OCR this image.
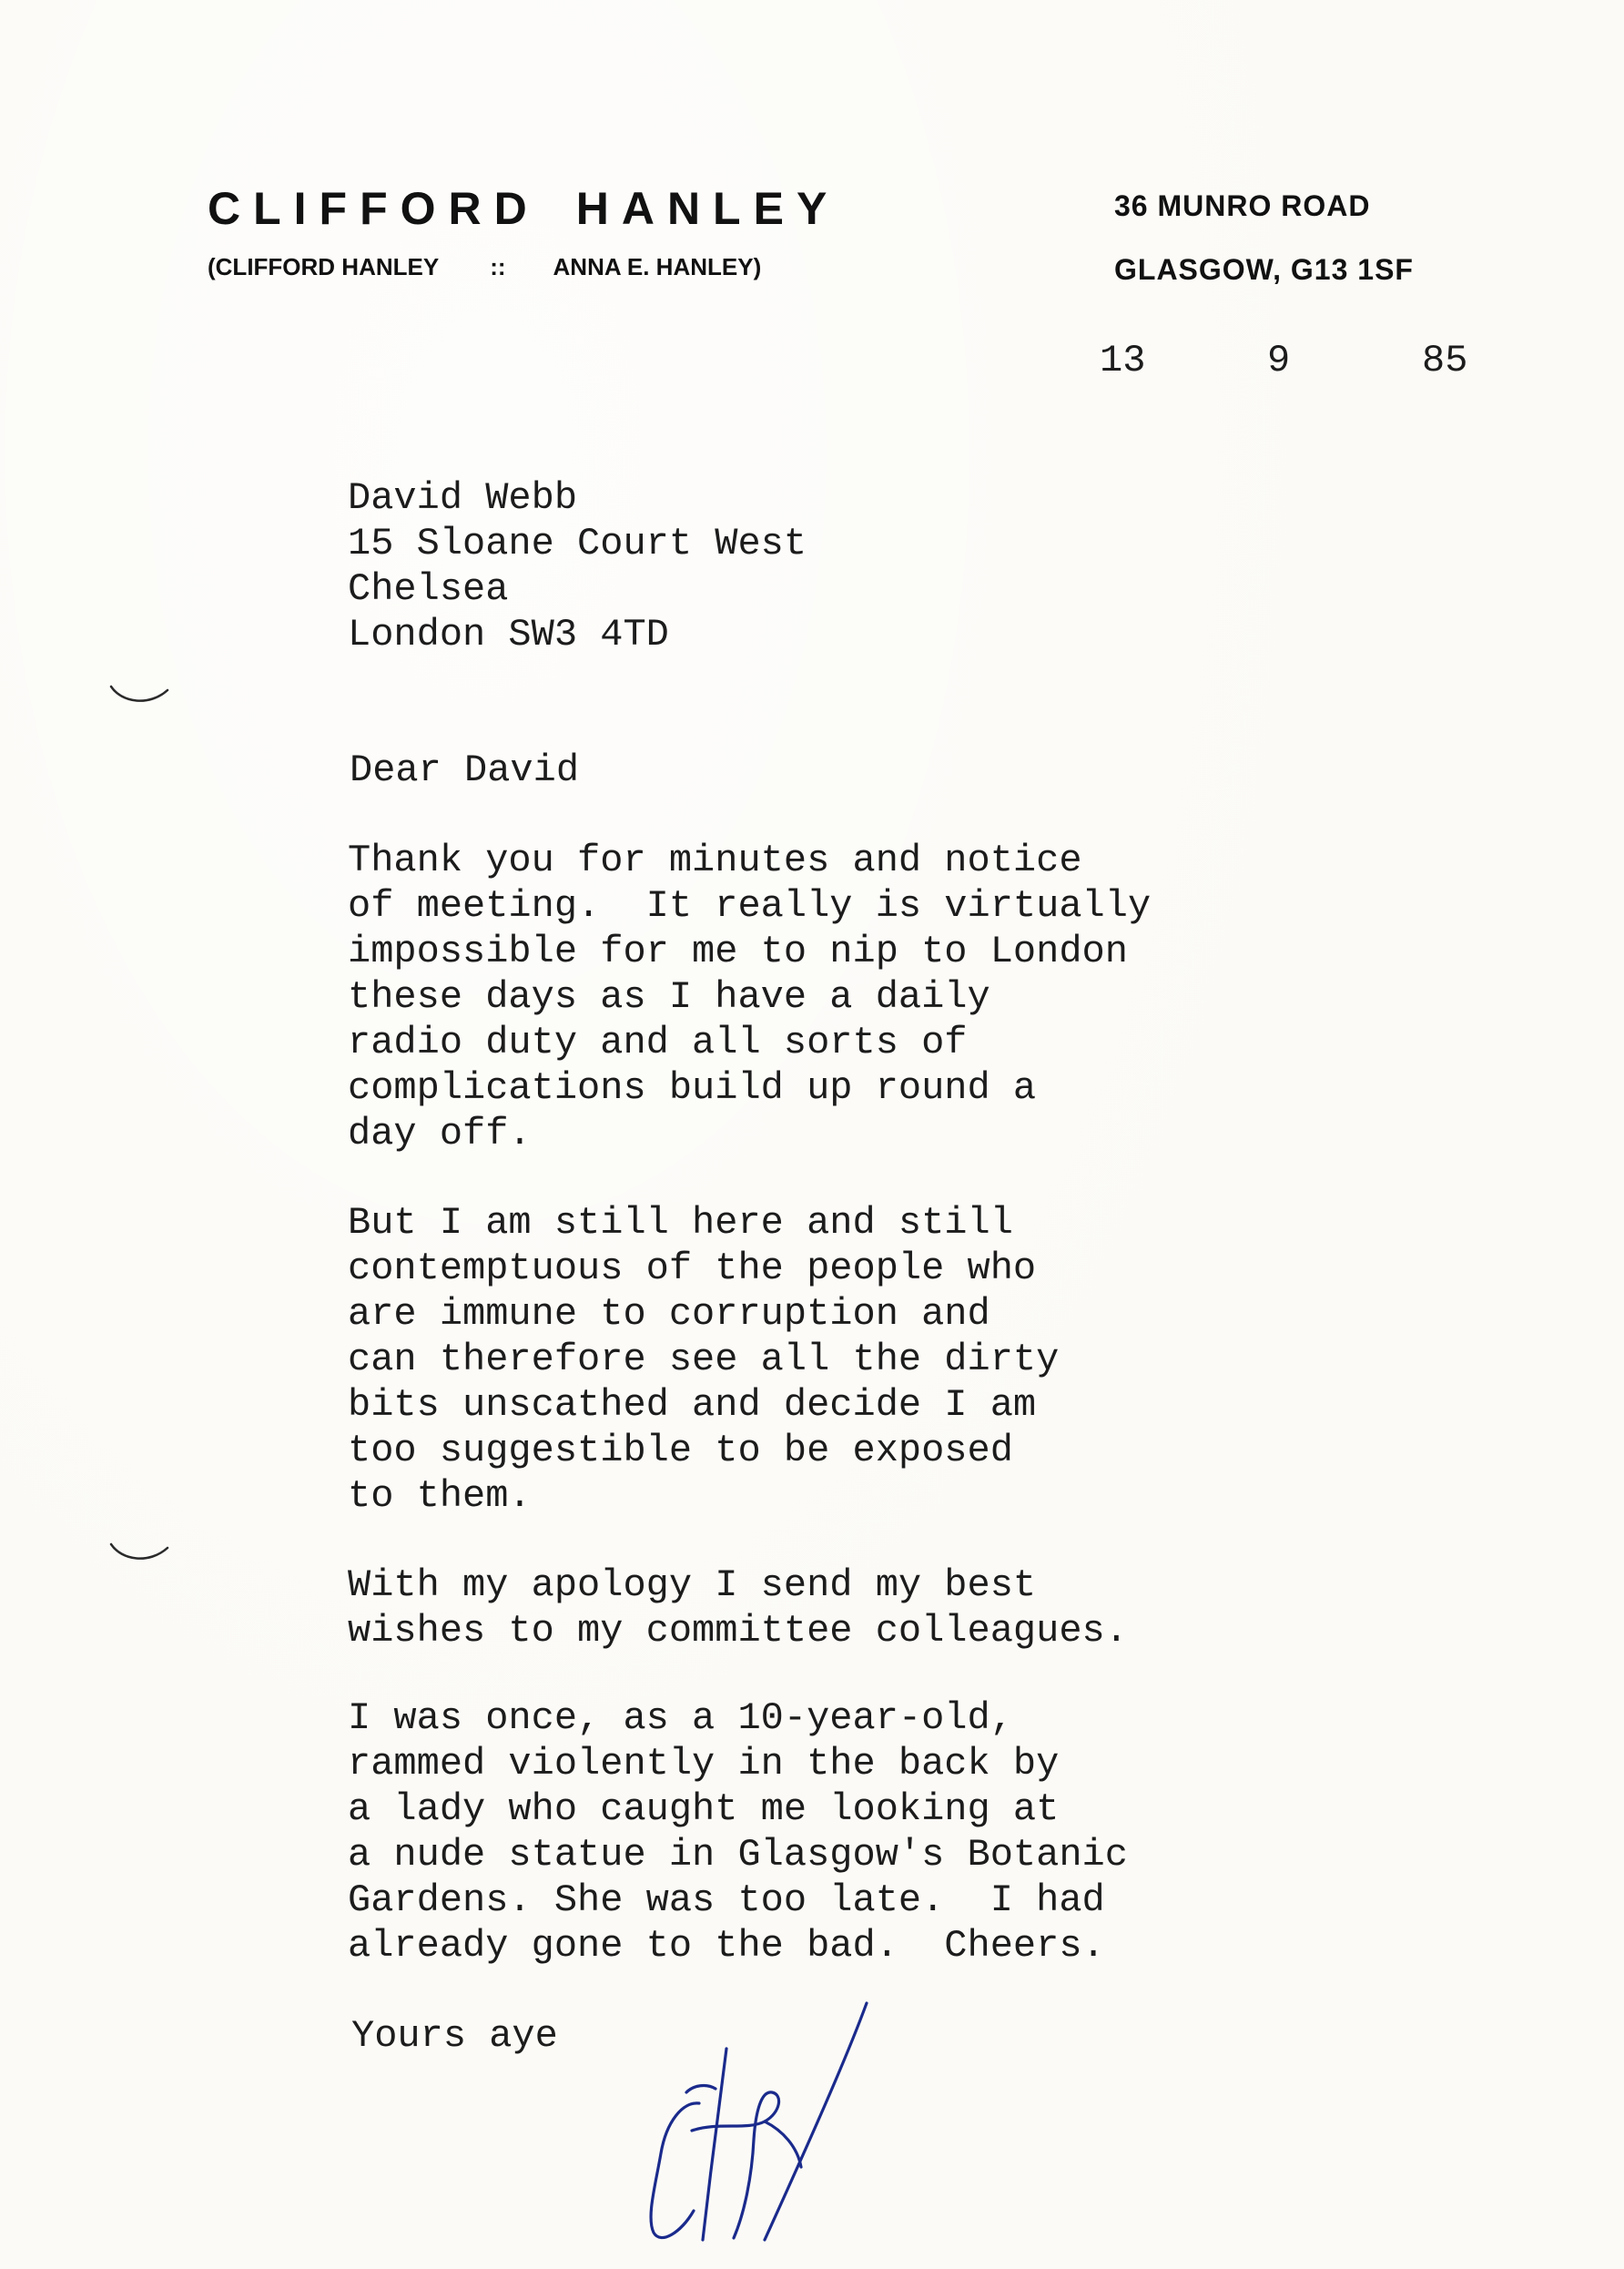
CLIFFORD HANLEY
(CLIFFORD HANLEY :: ANNA E. HANLEY)
36 MUNRO ROAD
GLASGOW, G13 1SF
13	9	85
David Webb
15 Sloane Court West
Chelsea
London SW3 4TD
Dear David
Thank you for minutes and notice
of meeting.  It really is virtually
impossible for me to nip to London
these days as I have a daily
radio duty and all sorts of
complications build up round a
day off.
But I am still here and still
contemptuous of the people who
are immune to corruption and
can therefore see all the dirty
bits unscathed and decide I am
too suggestible to be exposed
to them.
With my apology I send my best
wishes to my committee colleagues.
I was once, as a 10-year-old,
rammed violently in the back by
a lady who caught me looking at
a nude statue in Glasgow's Botanic
Gardens. She was too late.  I had
already gone to the bad.  Cheers.
Yours aye
